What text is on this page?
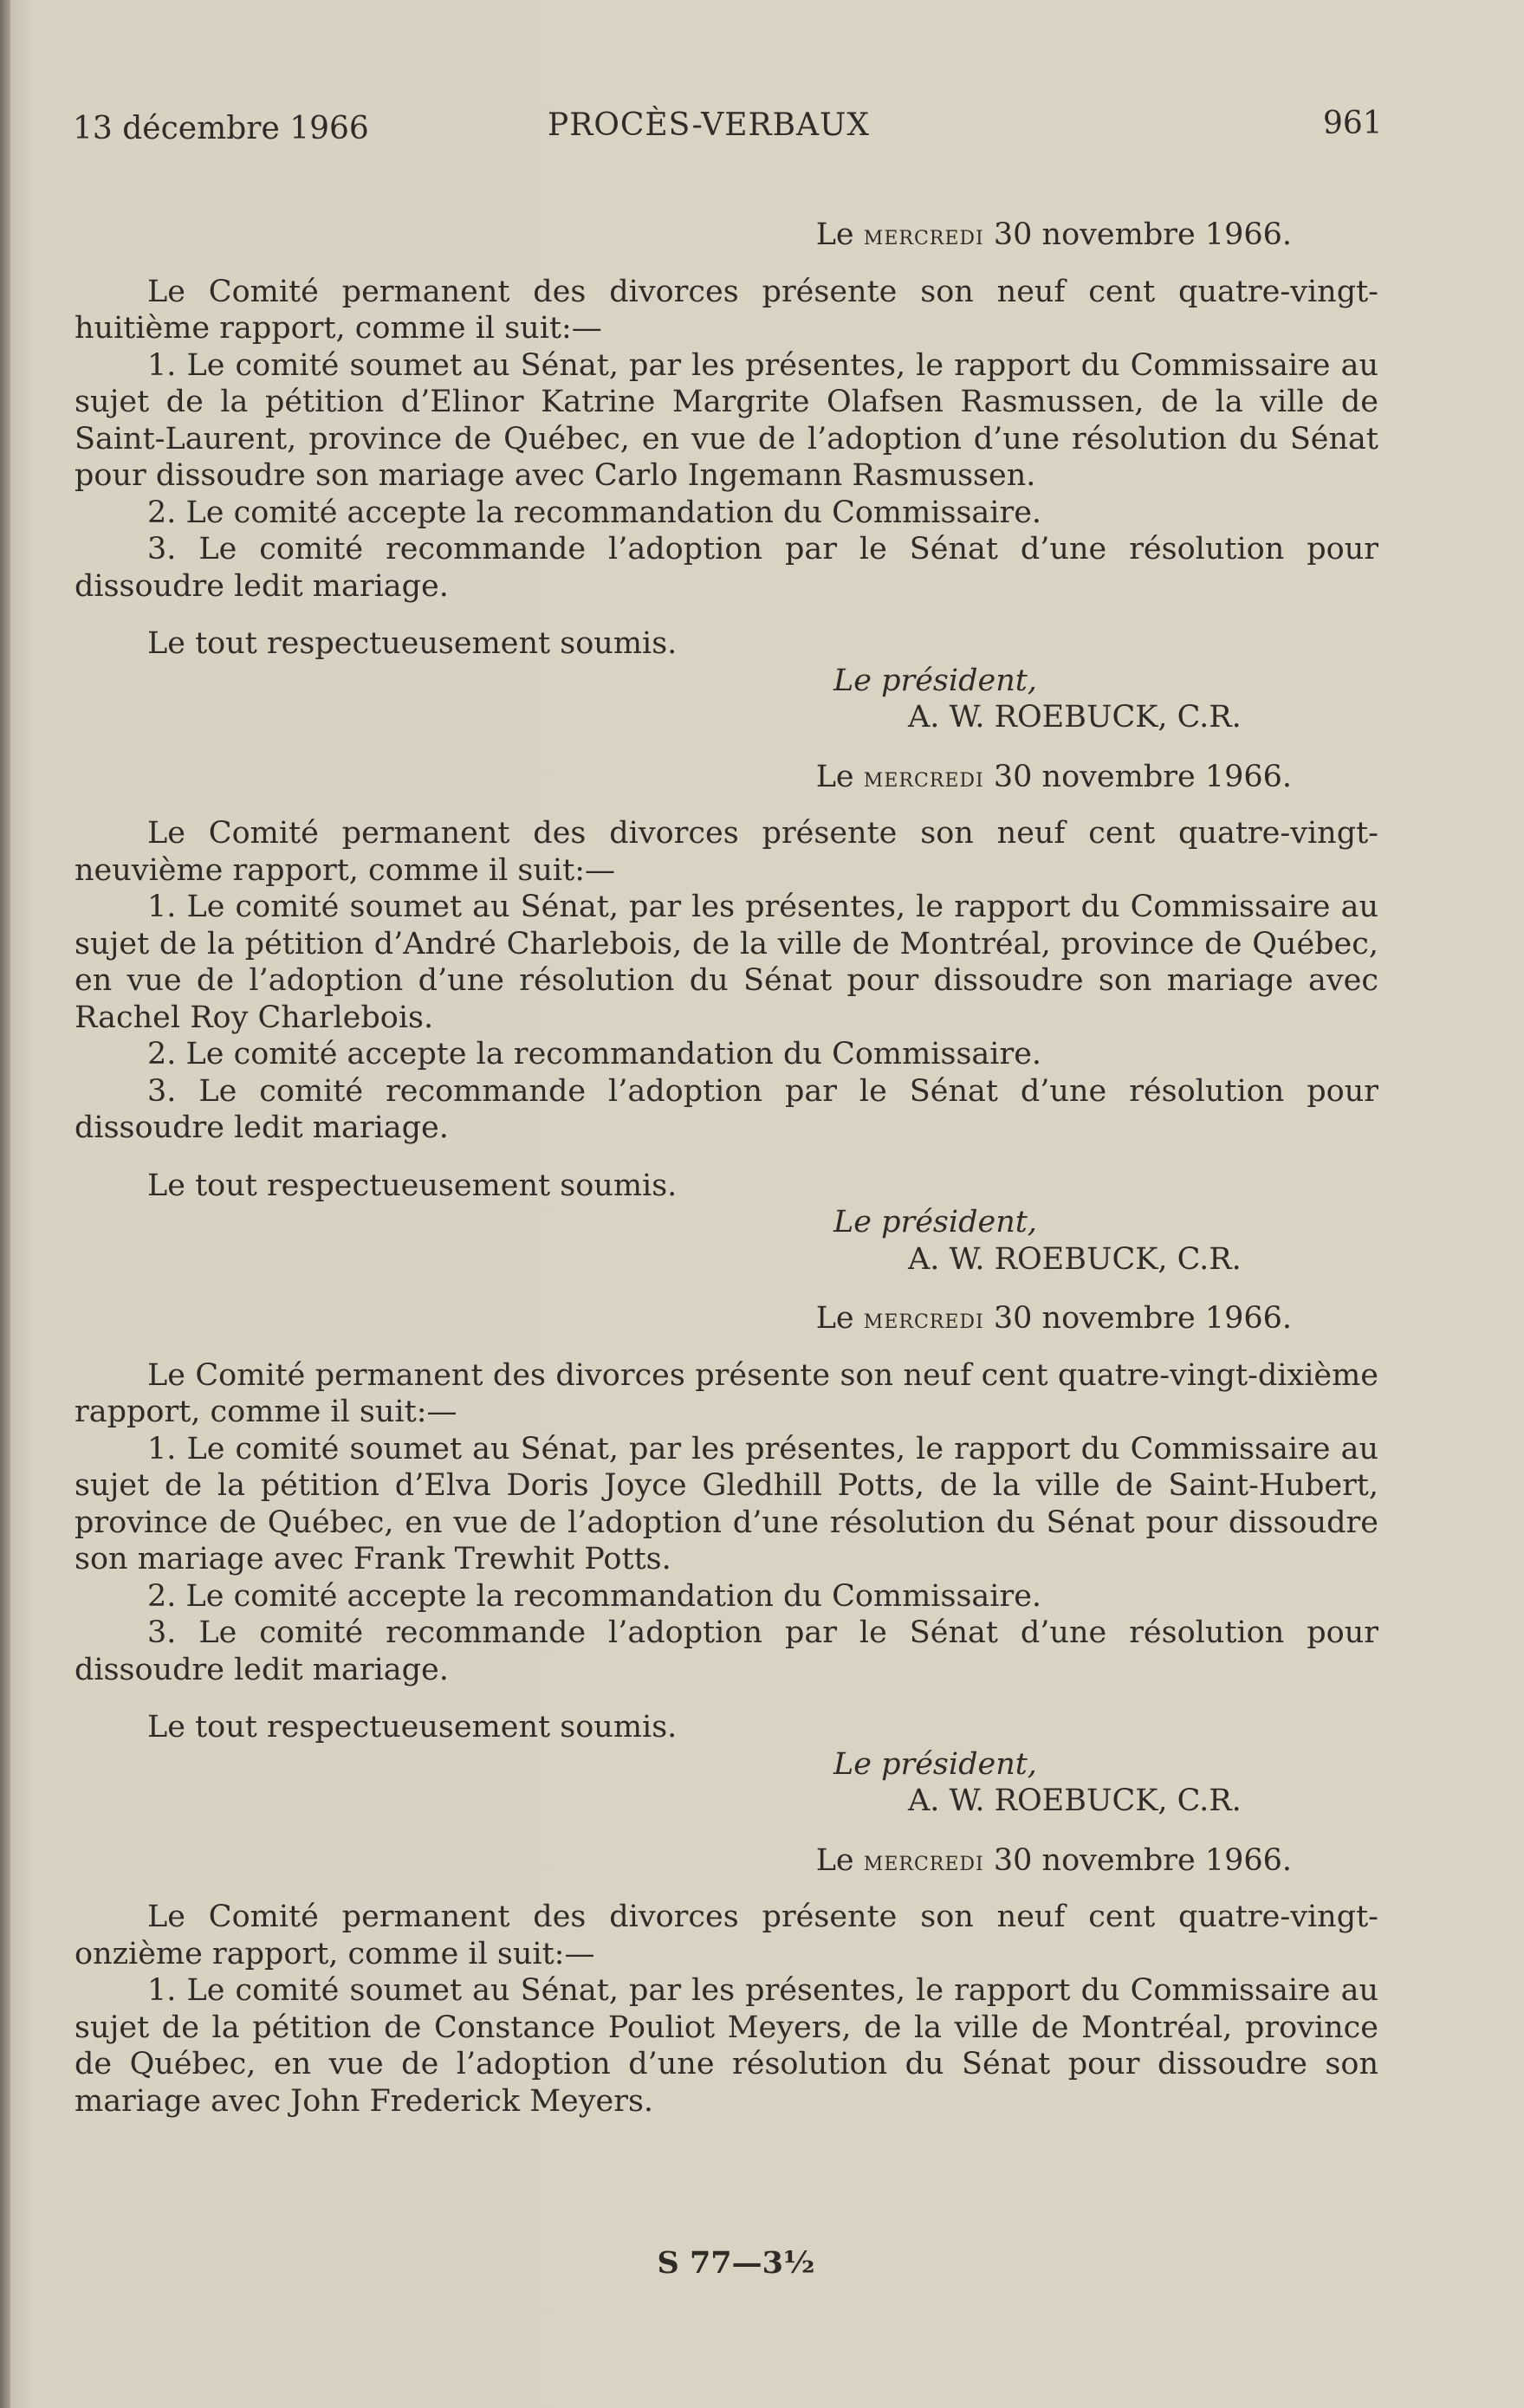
13 décembre 1966	PROCÈS-VERBAUX	961
Le mercredi 30 novembre 1966.

Le Comité permanent des divorces présente son neuf cent quatre-vingt-huitième rapport, comme il suit:—

1. Le comité soumet au Sénat, par les présentes, le rapport du Commissaire au sujet de la pétition d’Elinor Katrine Margrite Olafsen Rasmussen, de la ville de Saint-Laurent, province de Québec, en vue de l’adoption d’une résolution du Sénat pour dissoudre son mariage avec Carlo Ingemann Rasmussen.

2. Le comité accepte la recommandation du Commissaire.

3. Le comité recommande l’adoption par le Sénat d’une résolution pour dissoudre ledit mariage.

Le tout respectueusement soumis.

Le président,
A. W. ROEBUCK, C.R.
Le mercredi 30 novembre 1966.

Le Comité permanent des divorces présente son neuf cent quatre-vingt-neuvième rapport, comme il suit:—

1. Le comité soumet au Sénat, par les présentes, le rapport du Commissaire au sujet de la pétition d’André Charlebois, de la ville de Montréal, province de Québec, en vue de l’adoption d’une résolution du Sénat pour dissoudre son mariage avec Rachel Roy Charlebois.

2. Le comité accepte la recommandation du Commissaire.

3. Le comité recommande l’adoption par le Sénat d’une résolution pour dissoudre ledit mariage.

Le tout respectueusement soumis.

Le président,
A. W. ROEBUCK, C.R.
Le mercredi 30 novembre 1966.

Le Comité permanent des divorces présente son neuf cent quatre-vingt-dixième rapport, comme il suit:—

1. Le comité soumet au Sénat, par les présentes, le rapport du Commissaire au sujet de la pétition d’Elva Doris Joyce Gledhill Potts, de la ville de Saint-Hubert, province de Québec, en vue de l’adoption d’une résolution du Sénat pour dissoudre son mariage avec Frank Trewhit Potts.

2. Le comité accepte la recommandation du Commissaire.

3. Le comité recommande l’adoption par le Sénat d’une résolution pour dissoudre ledit mariage.

Le tout respectueusement soumis.

Le président,
A. W. ROEBUCK, C.R.
Le mercredi 30 novembre 1966.

Le Comité permanent des divorces présente son neuf cent quatre-vingt-onzième rapport, comme il suit:—

1. Le comité soumet au Sénat, par les présentes, le rapport du Commissaire au sujet de la pétition de Constance Pouliot Meyers, de la ville de Montréal, province de Québec, en vue de l’adoption d’une résolution du Sénat pour dissoudre son mariage avec John Frederick Meyers.

S 77—3½
